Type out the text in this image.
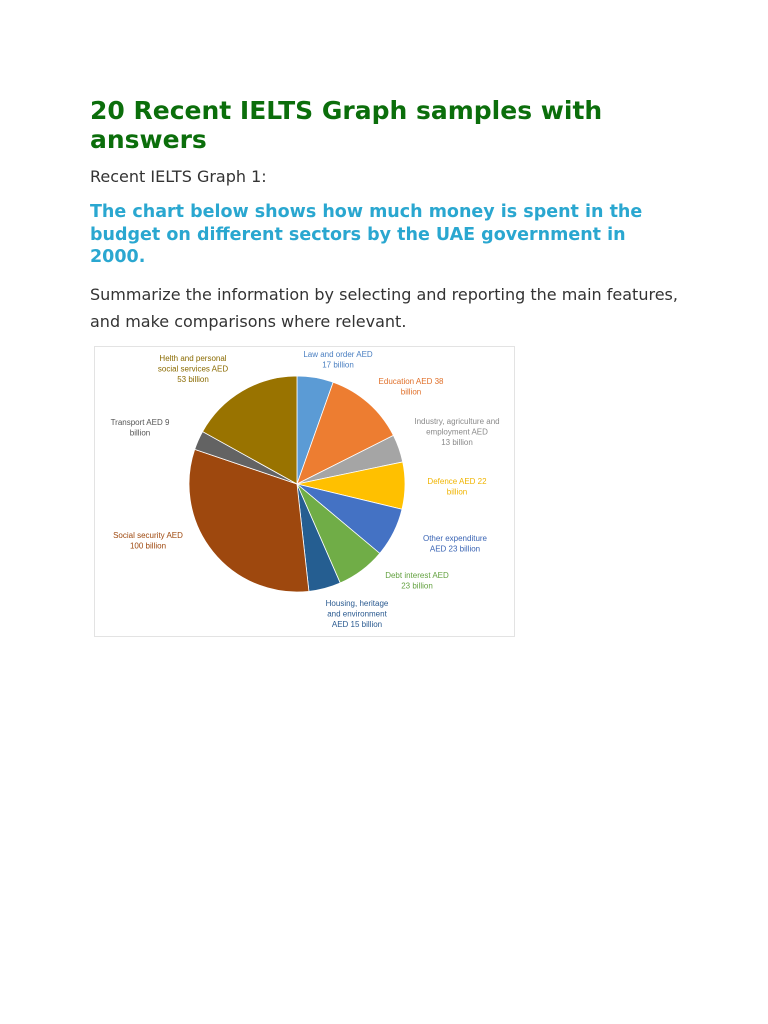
20 Recent IELTS Graph samples with answers

Recent IELTS Graph 1:

The chart below shows how much money is spent in the budget on different sectors by the UAE government in 2000.

Summarize the information by selecting and reporting the main features, and make comparisons where relevant.

Law and order AED 17 billion
Education AED 38 billion
Industry, agriculture and employment AED 13 billion
Defence AED 22 billion
Other expenditure AED 23 billion
Debt interest AED 23 billion
Housing, heritage and environment AED 15 billion
Social security AED 100 billion
Transport AED 9 billion
Helth and personal social services AED 53 billion
